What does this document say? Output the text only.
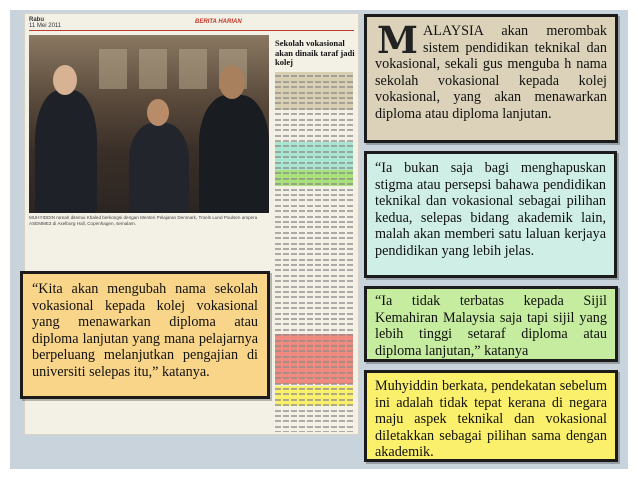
Rabu
11 Mei 2011
BERITA HARIAN
MUHYIDDIN ramah ditemui Khaled berkongsi dengan Menteri Pelajaran Denmark, Troels Lund Poulsen ampera ASEMME3 di Axelborg Hall, Copenhagen, semalam.
Sekolah vokasional akan dinaik taraf jadi kolej	M ALAYSIA akan merombak sistem pendidikan teknikal dan vokasional, sekali gus menguba h nama sekolah vokasional kepada kolej vokasional, yang akan menawarkan diploma atau diploma lanjutan.
“Ia bukan saja bagi menghapuskan stigma atau persepsi bahawa pendidikan teknikal dan vokasional sebagai pilihan kedua, selepas bidang akademik lain, malah akan memberi satu laluan kerjaya pendidikan yang lebih jelas.
“Ia tidak terbatas kepada Sijil Kemahiran Malaysia saja tapi sijil yang lebih tinggi setaraf diploma atau diploma lanjutan,” katanya
Muhyiddin berkata, pendekatan sebelum ini adalah tidak tepat kerana di negara maju aspek teknikal dan vokasional diletakkan sebagai pilihan sama dengan akademik.
“Kita akan mengubah nama sekolah vokasional kepada kolej vokasional yang menawarkan diploma atau diploma lanjutan yang mana pelajarnya berpeluang melanjutkan pengajian di universiti selepas itu,” katanya.
